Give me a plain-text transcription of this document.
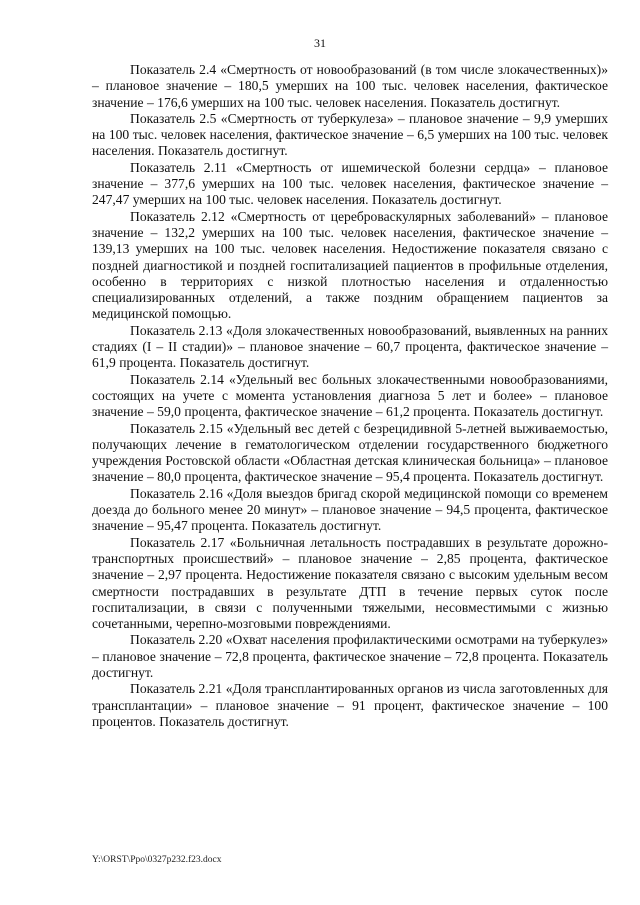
31

Показатель 2.4 «Смертность от новообразований (в том числе злокачественных)» – плановое значение – 180,5 умерших на 100 тыс. человек населения, фактическое значение – 176,6 умерших на 100 тыс. человек населения. Показатель достигнут.

Показатель 2.5 «Смертность от туберкулеза» – плановое значение – 9,9 умерших на 100 тыс. человек населения, фактическое значение – 6,5 умерших на 100 тыс. человек населения. Показатель достигнут.

Показатель 2.11 «Смертность от ишемической болезни сердца» – плановое значение – 377,6 умерших на 100 тыс. человек населения, фактическое значение – 247,47 умерших на 100 тыс. человек населения. Показатель достигнут.

Показатель 2.12 «Смертность от цереброваскулярных заболеваний» – плановое значение – 132,2 умерших на 100 тыс. человек населения, фактическое значение – 139,13 умерших на 100 тыс. человек населения. Недостижение показателя связано с поздней диагностикой и поздней госпитализацией пациентов в профильные отделения, особенно в территориях с низкой плотностью населения и отдаленностью специализированных отделений, а также поздним обращением пациентов за медицинской помощью.

Показатель 2.13 «Доля злокачественных новообразований, выявленных на ранних стадиях (I – II стадии)» – плановое значение – 60,7 процента, фактическое значение – 61,9 процента. Показатель достигнут.

Показатель 2.14 «Удельный вес больных злокачественными новообразованиями, состоящих на учете с момента установления диагноза 5 лет и более» – плановое значение – 59,0 процента, фактическое значение – 61,2 процента. Показатель достигнут.

Показатель 2.15 «Удельный вес детей с безрецидивной 5-летней выживаемостью, получающих лечение в гематологическом отделении государственного бюджетного учреждения Ростовской области «Областная детская клиническая больница» – плановое значение – 80,0 процента, фактическое значение – 95,4 процента. Показатель достигнут.

Показатель 2.16 «Доля выездов бригад скорой медицинской помощи со временем доезда до больного менее 20 минут» – плановое значение – 94,5 процента, фактическое значение – 95,47 процента. Показатель достигнут.

Показатель 2.17 «Больничная летальность пострадавших в результате дорожно-транспортных происшествий» – плановое значение – 2,85 процента, фактическое значение – 2,97 процента. Недостижение показателя связано с высоким удельным весом смертности пострадавших в результате ДТП в течение первых суток после госпитализации, в связи с полученными тяжелыми, несовместимыми с жизнью сочетанными, черепно-мозговыми повреждениями.

Показатель 2.20 «Охват населения профилактическими осмотрами на туберкулез» – плановое значение – 72,8 процента, фактическое значение – 72,8 процента. Показатель достигнут.

Показатель 2.21 «Доля трансплантированных органов из числа заготовленных для трансплантации» – плановое значение – 91 процент, фактическое значение – 100 процентов. Показатель достигнут.

Y:\ORST\Ppo\0327p232.f23.docx
